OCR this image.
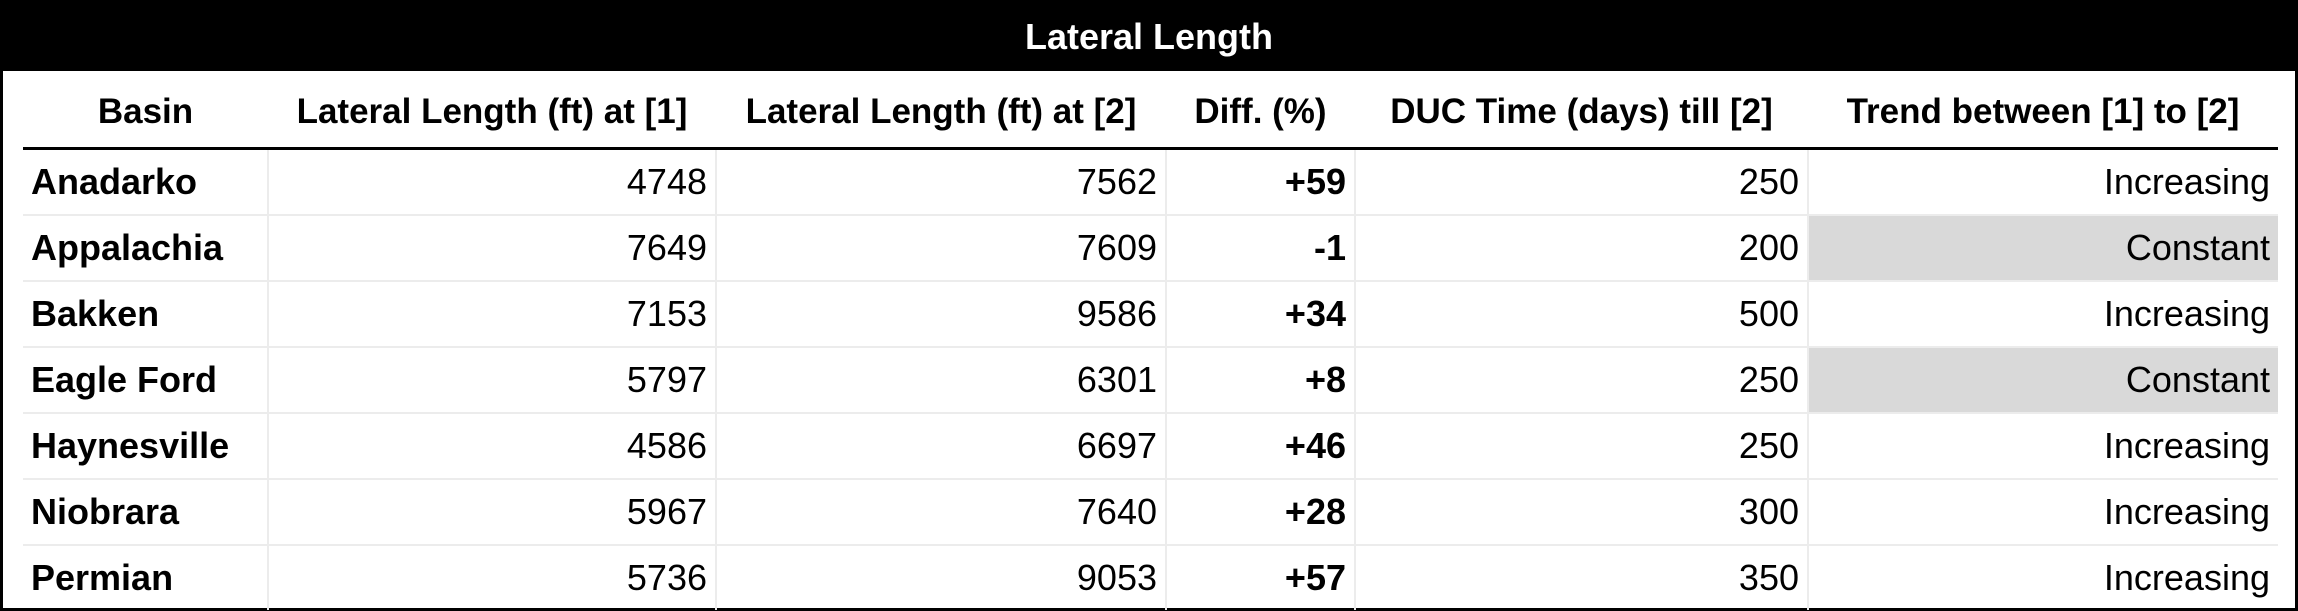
Lateral Length
Basin	Lateral Length (ft) at [1]	Lateral Length (ft) at [2]	Diff. (%)	DUC Time (days) till [2]	Trend between [1] to [2]
Anadarko	4748	7562	+59	250	Increasing
Appalachia	7649	7609	-1	200	Constant
Bakken	7153	9586	+34	500	Increasing
Eagle Ford	5797	6301	+8	250	Constant
Haynesville	4586	6697	+46	250	Increasing
Niobrara	5967	7640	+28	300	Increasing
Permian	5736	9053	+57	350	Increasing
